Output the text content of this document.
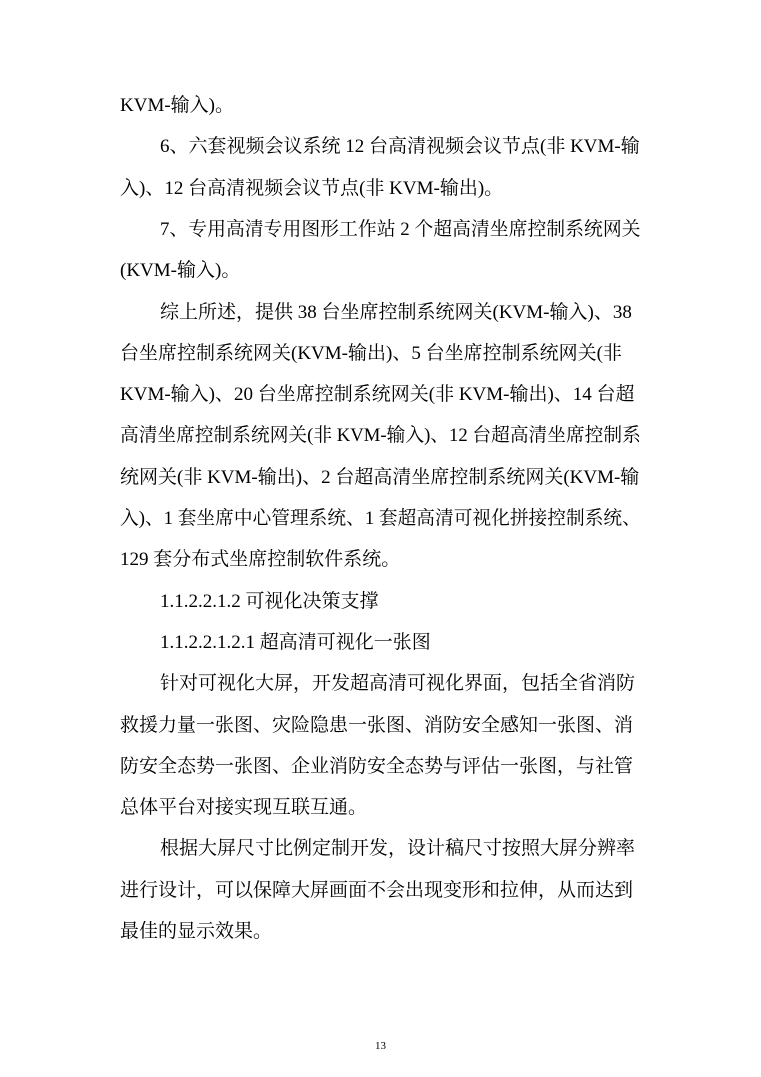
KVM-输入)。
6、六套视频会议系统 12 台高清视频会议节点(非 KVM-输
入)、12 台高清视频会议节点(非 KVM-输出)。
7、专用高清专用图形工作站 2 个超高清坐席控制系统网关
(KVM-输入)。
综上所述，提供 38 台坐席控制系统网关(KVM-输入)、38
台坐席控制系统网关(KVM-输出)、5 台坐席控制系统网关(非
KVM-输入)、20 台坐席控制系统网关(非 KVM-输出)、14 台超
高清坐席控制系统网关(非 KVM-输入)、12 台超高清坐席控制系
统网关(非 KVM-输出)、2 台超高清坐席控制系统网关(KVM-输
入)、1 套坐席中心管理系统、1 套超高清可视化拼接控制系统、
129 套分布式坐席控制软件系统。
1.1.2.2.1.2 可视化决策支撑
1.1.2.2.1.2.1 超高清可视化一张图
针对可视化大屏，开发超高清可视化界面，包括全省消防
救援力量一张图、灾险隐患一张图、消防安全感知一张图、消
防安全态势一张图、企业消防安全态势与评估一张图，与社管
总体平台对接实现互联互通。
根据大屏尺寸比例定制开发，设计稿尺寸按照大屏分辨率
进行设计，可以保障大屏画面不会出现变形和拉伸，从而达到
最佳的显示效果。
13
